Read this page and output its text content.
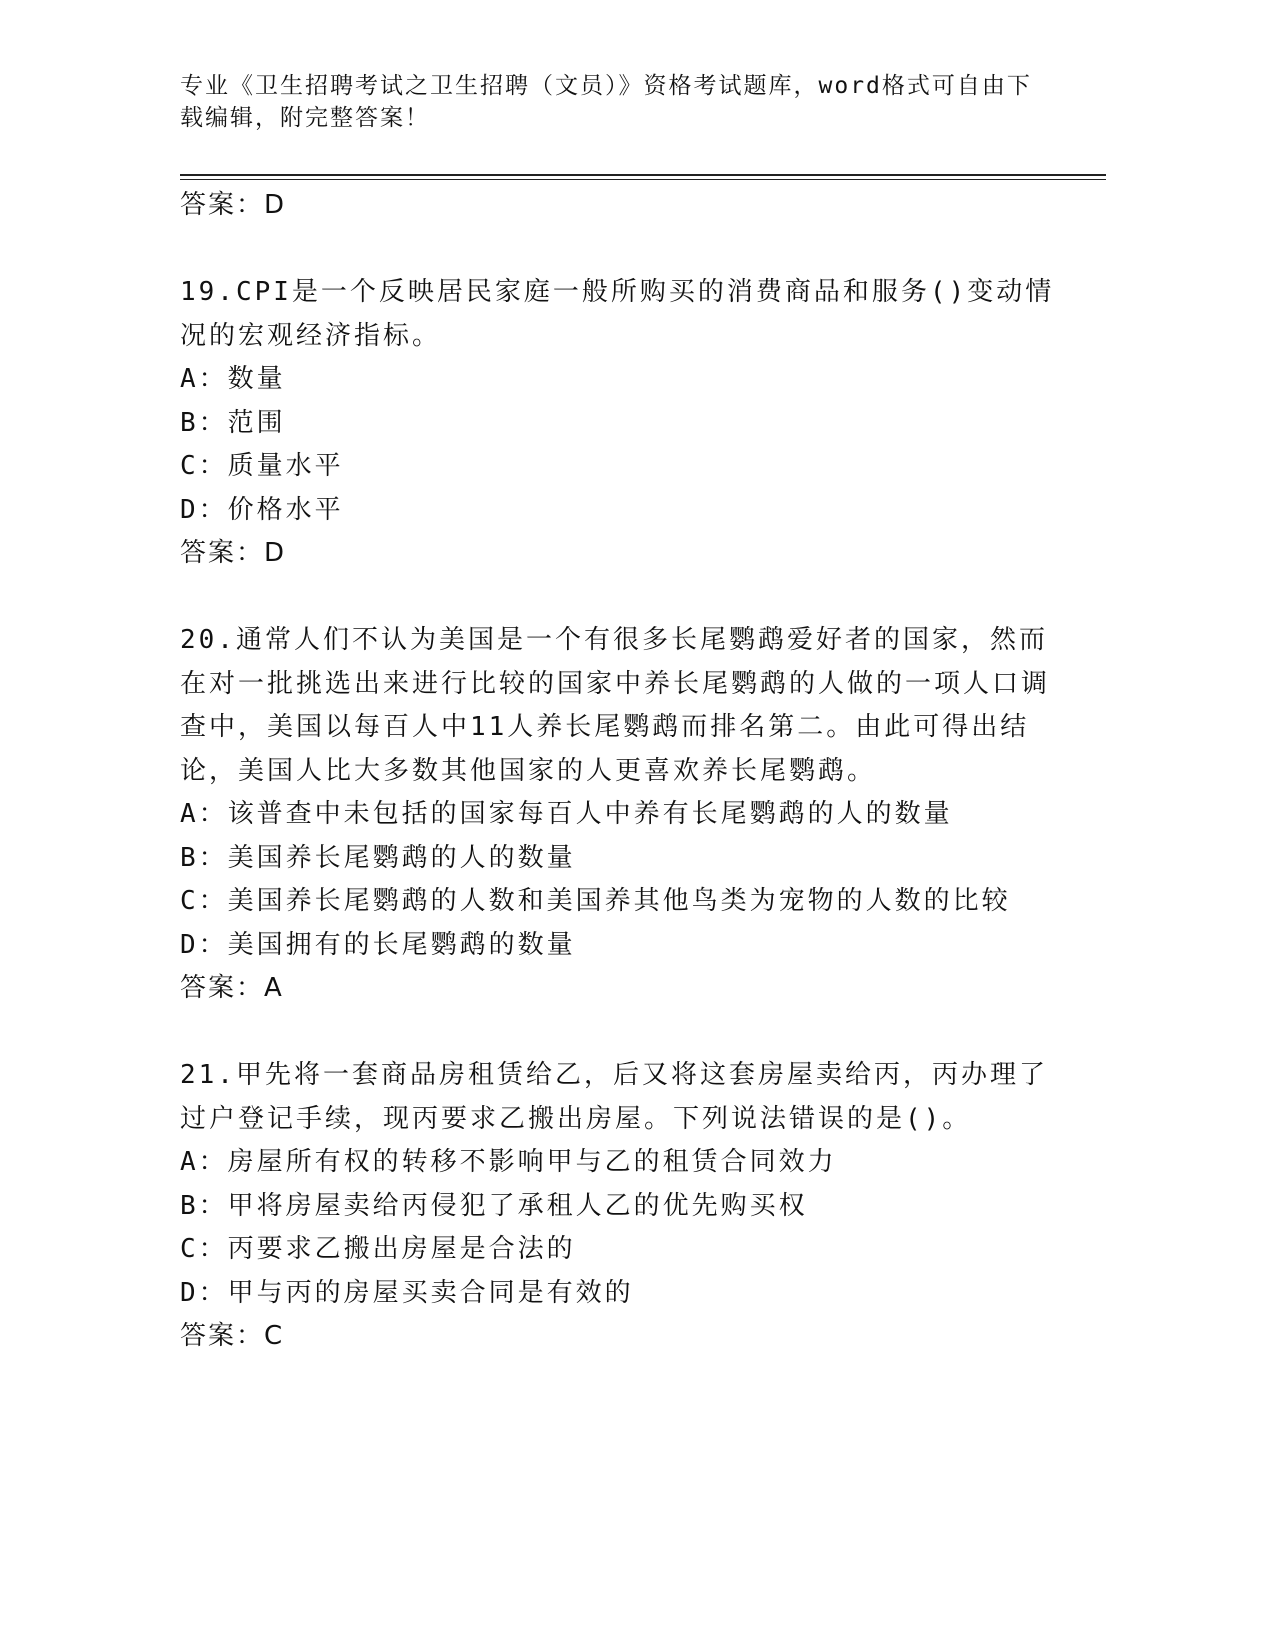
专业《卫生招聘考试之卫生招聘（文员）》资格考试题库，word格式可自由下载编辑，附完整答案！
答案：D
19.CPI是一个反映居民家庭一般所购买的消费商品和服务()变动情况的宏观经济指标。
A：数量
B：范围
C：质量水平
D：价格水平
答案：D
20.通常人们不认为美国是一个有很多长尾鹦鹉爱好者的国家，然而在对一批挑选出来进行比较的国家中养长尾鹦鹉的人做的一项人口调查中，美国以每百人中11人养长尾鹦鹉而排名第二。由此可得出结论，美国人比大多数其他国家的人更喜欢养长尾鹦鹉。
A：该普查中未包括的国家每百人中养有长尾鹦鹉的人的数量
B：美国养长尾鹦鹉的人的数量
C：美国养长尾鹦鹉的人数和美国养其他鸟类为宠物的人数的比较
D：美国拥有的长尾鹦鹉的数量
答案：A
21.甲先将一套商品房租赁给乙，后又将这套房屋卖给丙，丙办理了过户登记手续，现丙要求乙搬出房屋。下列说法错误的是()。
A：房屋所有权的转移不影响甲与乙的租赁合同效力
B：甲将房屋卖给丙侵犯了承租人乙的优先购买权
C：丙要求乙搬出房屋是合法的
D：甲与丙的房屋买卖合同是有效的
答案：C
